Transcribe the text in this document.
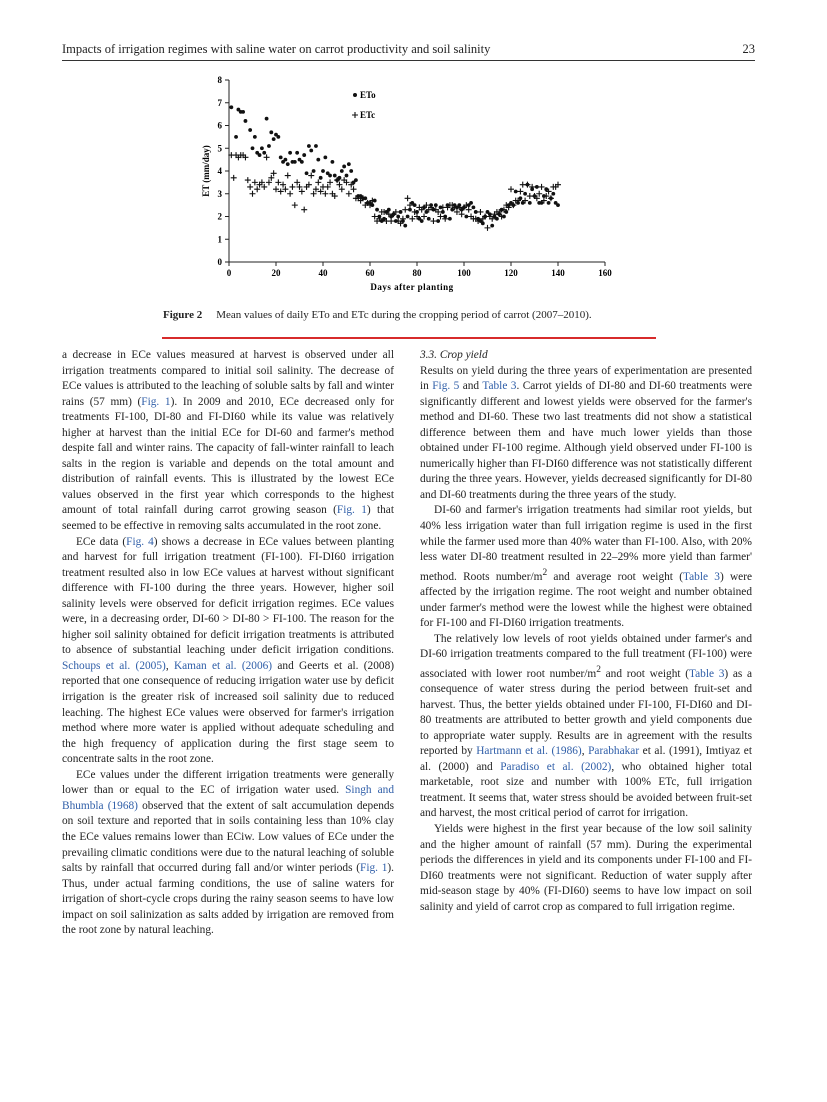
Impacts of irrigation regimes with saline water on carrot productivity and soil salinity	23
0
1
2
3
4
5
6
7
8
0	20	40	60	80	100	120	140	160
Days after planting
ET (mm/day)
ETo
ETc
Figure 2 Mean values of daily ETo and ETc during the cropping period of carrot (2007–2010).

a decrease in ECe values measured at harvest is observed under all irrigation treatments compared to initial soil salinity. The decrease of ECe values is attributed to the leaching of soluble salts by fall and winter rains (57 mm) (Fig. 1). In 2009 and 2010, ECe decreased only for treatments FI-100, DI-80 and FI-DI60 while its value was relatively higher at harvest than the initial ECe for DI-60 and farmer's method despite fall and winter rains. The capacity of fall-winter rainfall to leach salts in the region is variable and depends on the total amount and distribution of rainfall events. This is illustrated by the lowest ECe values observed in the first year which corresponds to the highest amount of total rainfall during carrot growing season (Fig. 1) that seemed to be effective in removing salts accumulated in the root zone.

ECe data (Fig. 4) shows a decrease in ECe values between planting and harvest for full irrigation treatment (FI-100). FI-DI60 irrigation treatment resulted also in low ECe values at harvest without significant difference with FI-100 during the three years. However, higher soil salinity levels were observed for deficit irrigation regimes. ECe values were, in a decreasing order, DI-60 > DI-80 > FI-100. The reason for the higher soil salinity obtained for deficit irrigation treatments is attributed to absence of substantial leaching under deficit irrigation conditions. Schoups et al. (2005), Kaman et al. (2006) and Geerts et al. (2008) reported that one consequence of reducing irrigation water use by deficit irrigation is the greater risk of increased soil salinity due to reduced leaching. The highest ECe values were observed for farmer's irrigation method where more water is applied without adequate scheduling and the high frequency of application during the first stage seem to concentrate salts in the root zone.

ECe values under the different irrigation treatments were generally lower than or equal to the EC of irrigation water used. Singh and Bhumbla (1968) observed that the extent of salt accumulation depends on soil texture and reported that in soils containing less than 10% clay the ECe values remains lower than ECiw. Low values of ECe under the prevailing climatic conditions were due to the natural leaching of soluble salts by rainfall that occurred during fall and/or winter periods (Fig. 1). Thus, under actual farming conditions, the use of saline waters for irrigation of short-cycle crops during the rainy season seems to have low impact on soil salinization as salts added by irrigation are removed from the root zone by natural leaching.

3.3. Crop yield

Results on yield during the three years of experimentation are presented in Fig. 5 and Table 3. Carrot yields of DI-80 and DI-60 treatments were significantly different and lowest yields were observed for the farmer's method and DI-60. These two last treatments did not show a statistical difference between them and have much lower yields than those obtained under FI-100 regime. Although yield observed under FI-100 is numerically higher than FI-DI60 difference was not statistically different during the three years. However, yields decreased significantly for DI-80 and DI-60 treatments during the three years of the study.

DI-60 and farmer's irrigation treatments had similar root yields, but 40% less irrigation water than full irrigation regime is used in the first while the farmer used more than 40% water than FI-100. Also, with 20% less water DI-80 treatment resulted in 22–29% more yield than farmer' method. Roots number/$m^2$ and average root weight (Table 3) were affected by the irrigation regime. The root weight and number obtained under farmer's method were the lowest while the highest were obtained for FI-100 and FI-DI60 irrigation treatments.

The relatively low levels of root yields obtained under farmer's and DI-60 irrigation treatments compared to the full treatment (FI-100) were associated with lower root number/$m^2$ and root weight (Table 3) as a consequence of water stress during the period between fruit-set and harvest. Thus, the better yields obtained under FI-100, FI-DI60 and DI-80 treatments are attributed to better growth and yield components due to appropriate water supply. Results are in agreement with the results reported by Hartmann et al. (1986), Parabhakar et al. (1991), Imtiyaz et al. (2000) and Paradiso et al. (2002), who obtained higher total marketable, root size and number with 100% ETc, full irrigation treatment. It seems that, water stress should be avoided between fruit-set and harvest, the most critical period of carrot for irrigation.

Yields were highest in the first year because of the low soil salinity and the higher amount of rainfall (57 mm). During the experimental periods the differences in yield and its components under FI-100 and FI-DI60 treatments were not significant. Reduction of water supply after mid-season stage by 40% (FI-DI60) seems to have low impact on soil salinity and yield of carrot crop as compared to full irrigation regime.
